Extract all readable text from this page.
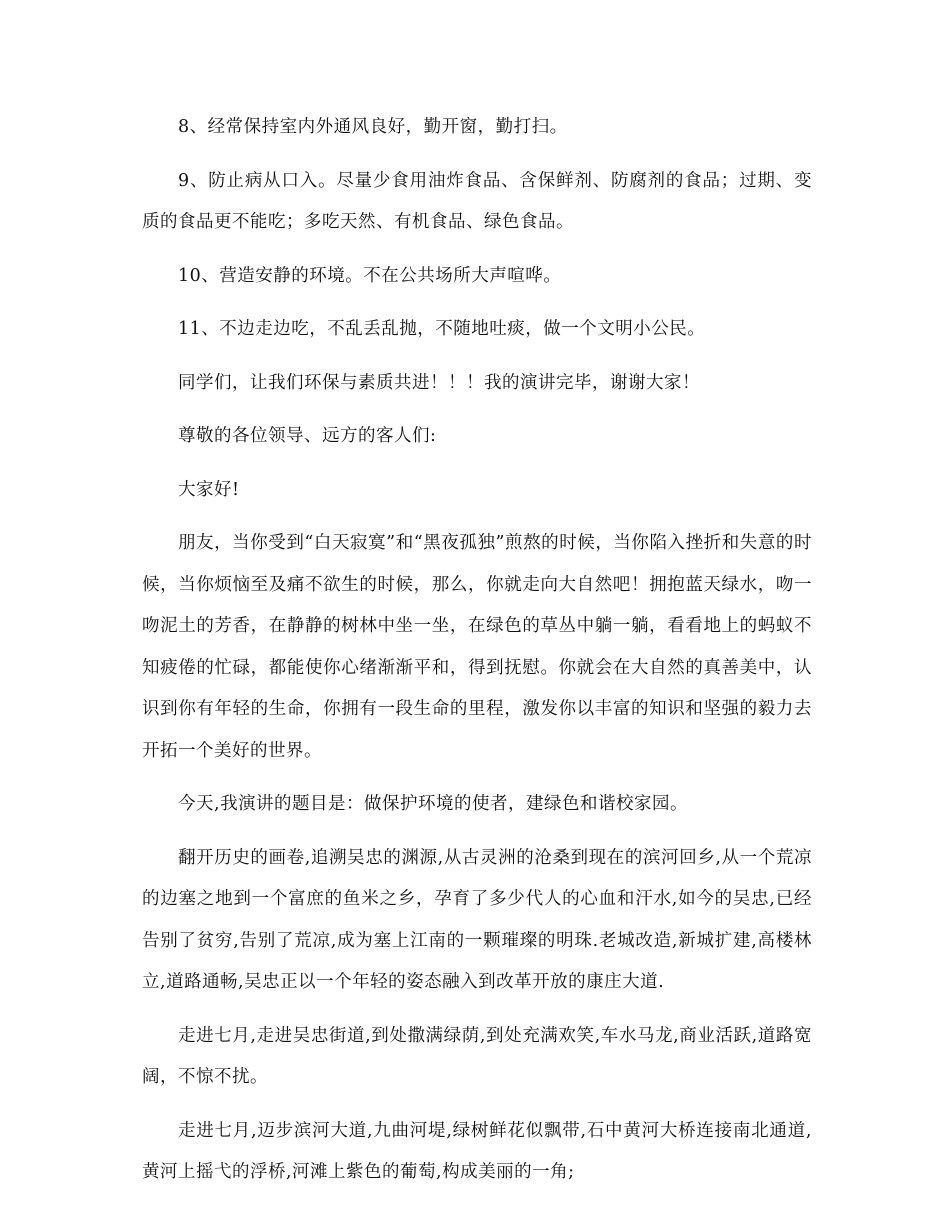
8、经常保持室内外通风良好，勤开窗，勤打扫。

9、防止病从口入。尽量少食用油炸食品、含保鲜剂、防腐剂的食品；过期、变质的食品更不能吃；多吃天然、有机食品、绿色食品。

10、营造安静的环境。不在公共场所大声喧哗。

11、不边走边吃，不乱丢乱抛，不随地吐痰，做一个文明小公民。

同学们，让我们环保与素质共进！！！我的演讲完毕，谢谢大家！

尊敬的各位领导、远方的客人们:

大家好!

朋友，当你受到“白天寂寞”和“黑夜孤独”煎熬的时候，当你陷入挫折和失意的时候，当你烦恼至及痛不欲生的时候，那么，你就走向大自然吧！拥抱蓝天绿水，吻一吻泥土的芳香，在静静的树林中坐一坐，在绿色的草丛中躺一躺，看看地上的蚂蚁不知疲倦的忙碌，都能使你心绪渐渐平和，得到抚慰。你就会在大自然的真善美中，认识到你有年轻的生命，你拥有一段生命的里程，激发你以丰富的知识和坚强的毅力去开拓一个美好的世界。

今天,我演讲的题目是：做保护环境的使者，建绿色和谐校家园。

翻开历史的画卷,追溯吴忠的渊源,从古灵洲的沧桑到现在的滨河回乡,从一个荒凉的边塞之地到一个富庶的鱼米之乡，孕育了多少代人的心血和汗水,如今的吴忠,已经告别了贫穷,告别了荒凉,成为塞上江南的一颗璀璨的明珠.老城改造,新城扩建,高楼林立,道路通畅,吴忠正以一个年轻的姿态融入到改革开放的康庄大道.

走进七月,走进吴忠街道,到处撒满绿荫,到处充满欢笑,车水马龙,商业活跃,道路宽阔，不惊不扰。

走进七月,迈步滨河大道,九曲河堤,绿树鲜花似飘带,石中黄河大桥连接南北通道,黄河上摇弋的浮桥,河滩上紫色的葡萄,构成美丽的一角;
